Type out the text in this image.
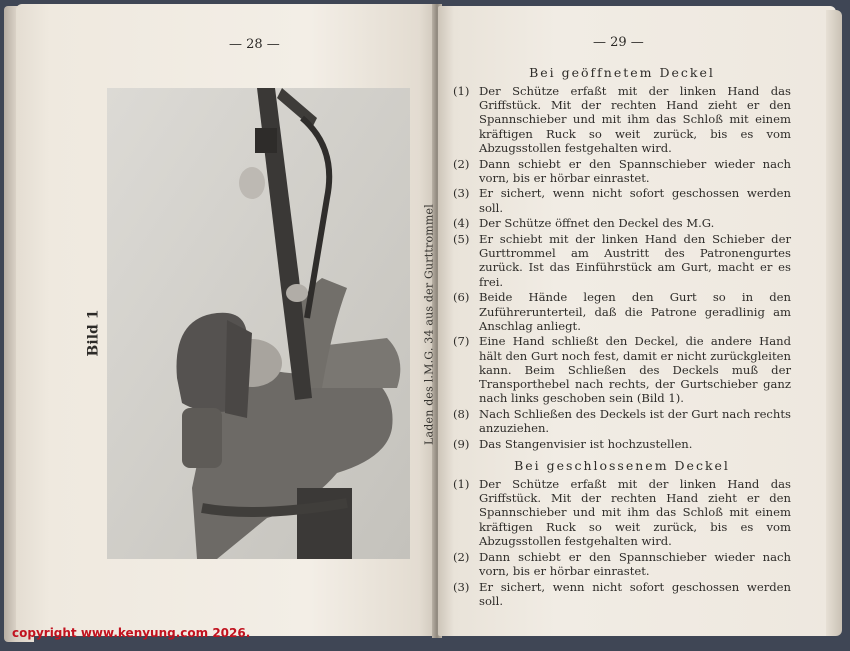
— 28 —	— 29 —
Bild 1	Laden des l.M.G. 34 aus der Gurttrommel
Bei geöffnetem Deckel
(1) Der Schütze erfaßt mit der linken Hand das Griffstück. Mit der rechten Hand zieht er den Spannschieber und mit ihm das Schloß mit einem kräftigen Ruck so weit zurück, bis es vom Abzugsstollen festgehalten wird.
(2) Dann schiebt er den Spannschieber wieder nach vorn, bis er hörbar einrastet.
(3) Er sichert, wenn nicht sofort geschossen werden soll.
(4) Der Schütze öffnet den Deckel des M.G.
(5) Er schiebt mit der linken Hand den Schieber der Gurttrommel am Austritt des Patronengurtes zurück. Ist das Einführstück am Gurt, macht er es frei.
(6) Beide Hände legen den Gurt so in den Zuführerunterteil, daß die Patrone geradlinig am Anschlag anliegt.
(7) Eine Hand schließt den Deckel, die andere Hand hält den Gurt noch fest, damit er nicht zurückgleiten kann. Beim Schließen des Deckels muß der Transporthebel nach rechts, der Gurtschieber ganz nach links geschoben sein (Bild 1).
(8) Nach Schließen des Deckels ist der Gurt nach rechts anzuziehen.
(9) Das Stangenvisier ist hochzustellen.
Bei geschlossenem Deckel
(1) Der Schütze erfaßt mit der linken Hand das Griffstück. Mit der rechten Hand zieht er den Spannschieber und mit ihm das Schloß mit einem kräftigen Ruck so weit zurück, bis es vom Abzugsstollen festgehalten wird.
(2) Dann schiebt er den Spannschieber wieder nach vorn, bis er hörbar einrastet.
(3) Er sichert, wenn nicht sofort geschossen werden soll.
copyright www.kenyung.com 2026.
